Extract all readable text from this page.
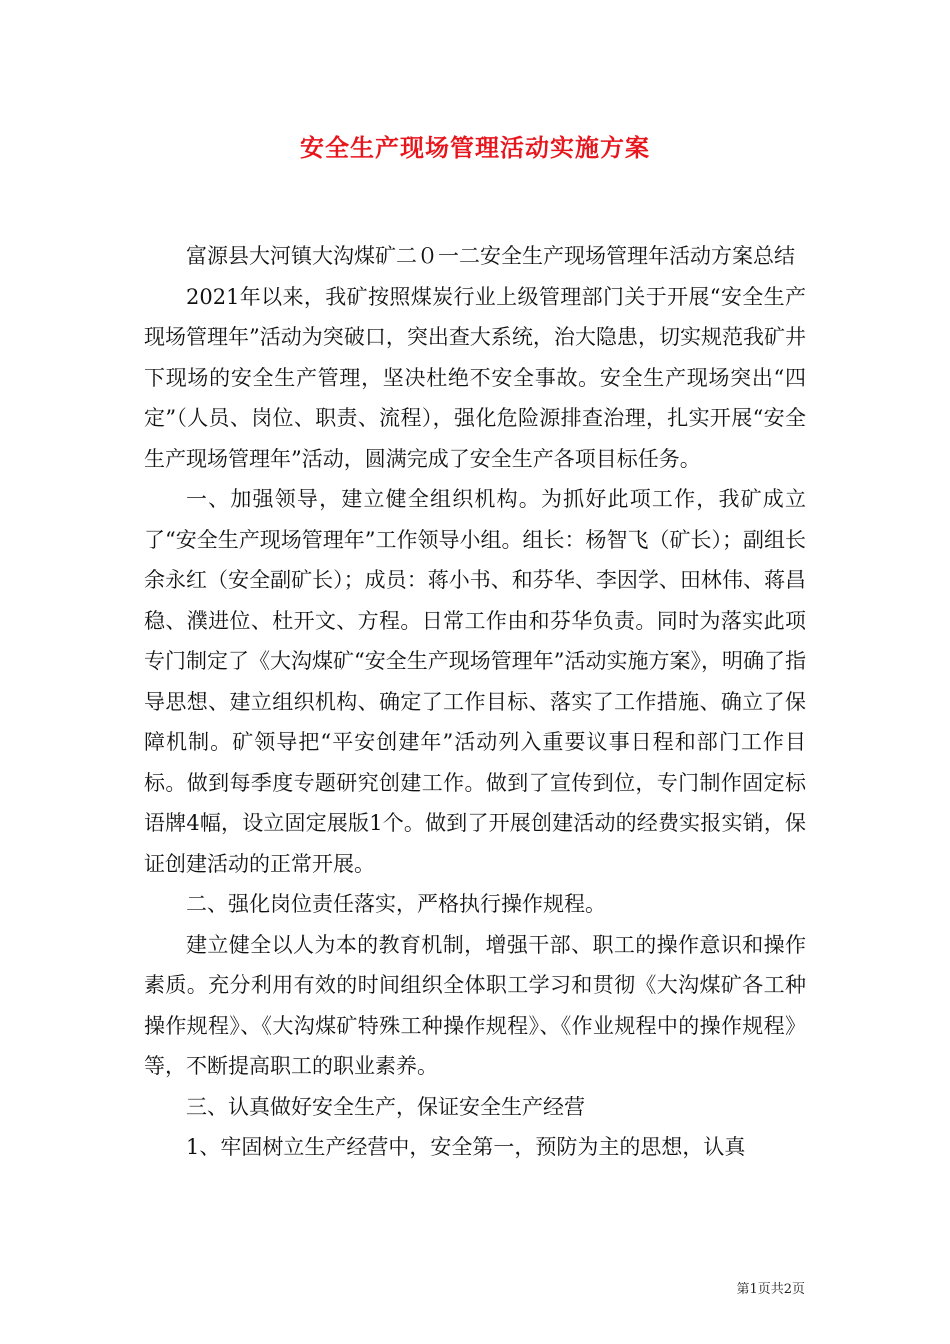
安全生产现场管理活动实施方案

富源县大河镇大沟煤矿二０一二安全生产现场管理年活动方案总结

2021年以来，我矿按照煤炭行业上级管理部门关于开展“安全生产现场管理年”活动为突破口，突出查大系统，治大隐患，切实规范我矿井下现场的安全生产管理，坚决杜绝不安全事故。安全生产现场突出“四定”（人员、岗位、职责、流程），强化危险源排查治理，扎实开展“安全生产现场管理年”活动，圆满完成了安全生产各项目标任务。

一、加强领导，建立健全组织机构。为抓好此项工作，我矿成立了“安全生产现场管理年”工作领导小组。组长：杨智飞（矿长）；副组长余永红（安全副矿长）；成员：蒋小书、和芬华、李因学、田林伟、蒋昌稳、濮进位、杜开文、方程。日常工作由和芬华负责。同时为落实此项专门制定了《大沟煤矿“安全生产现场管理年”活动实施方案》，明确了指导思想、建立组织机构、确定了工作目标、落实了工作措施、确立了保障机制。矿领导把“平安创建年”活动列入重要议事日程和部门工作目标。做到每季度专题研究创建工作。做到了宣传到位，专门制作固定标语牌4幅，设立固定展版1个。做到了开展创建活动的经费实报实销，保证创建活动的正常开展。

二、强化岗位责任落实，严格执行操作规程。

建立健全以人为本的教育机制，增强干部、职工的操作意识和操作素质。充分利用有效的时间组织全体职工学习和贯彻《大沟煤矿各工种操作规程》、《大沟煤矿特殊工种操作规程》、《作业规程中的操作规程》等，不断提高职工的职业素养。

三、认真做好安全生产，保证安全生产经营

1、牢固树立生产经营中，安全第一，预防为主的思想，认真

第1页共2页
